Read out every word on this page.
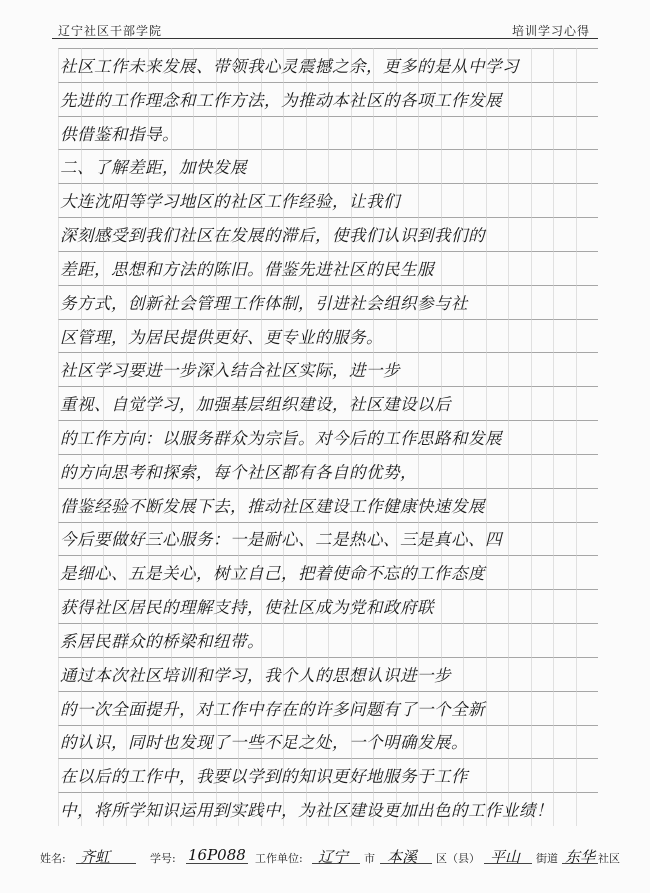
辽宁社区干部学院	培训学习心得
社区工作未来发展、带领我心灵震撼之余，更多的是从中学习
先进的工作理念和工作方法，为推动本社区的各项工作发展
供借鉴和指导。
二、了解差距，加快发展
大连沈阳等学习地区的社区工作经验，让我们
深刻感受到我们社区在发展的滞后，使我们认识到我们的
差距，思想和方法的陈旧。借鉴先进社区的民生服
务方式，创新社会管理工作体制，引进社会组织参与社
区管理，为居民提供更好、更专业的服务。
社区学习要进一步深入结合社区实际，进一步
重视、自觉学习，加强基层组织建设，社区建设以后
的工作方向：以服务群众为宗旨。对今后的工作思路和发展
的方向思考和探索，每个社区都有各自的优势，
借鉴经验不断发展下去，推动社区建设工作健康快速发展
今后要做好三心服务：一是耐心、二是热心、三是真心、四
是细心、五是关心，树立自己，把着使命不忘的工作态度
获得社区居民的理解支持，使社区成为党和政府联
系居民群众的桥梁和纽带。
通过本次社区培训和学习，我个人的思想认识进一步
的一次全面提升，对工作中存在的许多问题有了一个全新
的认识，同时也发现了一些不足之处，一个明确发展。
在以后的工作中，我要以学到的知识更好地服务于工作
中，将所学知识运用到实践中，为社区建设更加出色的工作业绩！
姓名: 齐虹	学号: 16P088 工作单位: 辽宁 市 本溪 区（县） 平山 街道 东华 社区
